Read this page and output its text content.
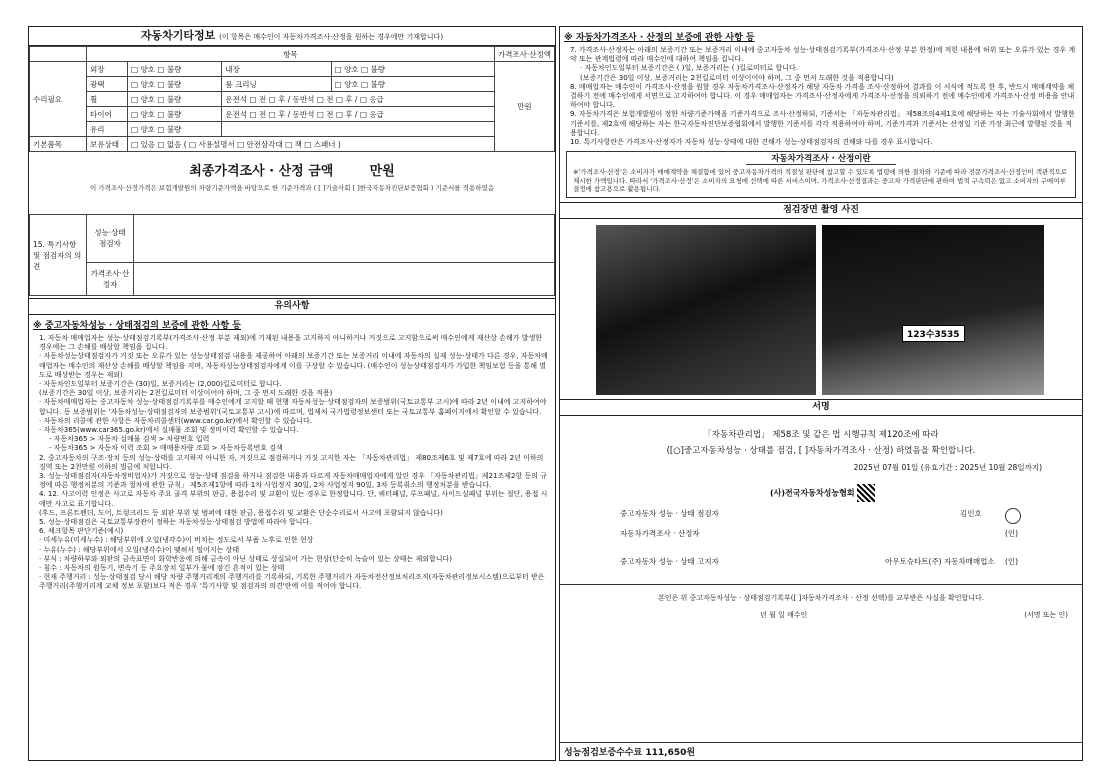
자동차기타정보 (이 항목은 매수인이 자동차가격조사·산정을 원하는 경우에만 기재합니다)
	항목				가격조사·산정액
수리필요	외장	□ 양호 □ 불량	내장	□ 양호 □ 불량	만원
	광택	□ 양호 □ 불량	룸 크리닝	□ 양호 □ 불량	
	휠	□ 양호 □ 불량	운전석 □ 전 □ 후 / 동반석 □ 전 □ 후 / □ 응급		
	타이어	□ 양호 □ 불량	운전석 □ 전 □ 후 / 동반석 □ 전 □ 후 / □ 응급		
	유리	□ 양호 □ 불량			
기본품목	보유상태	□ 있음 □ 없음 ( □ 사용설명서 □ 안전삼각대 □ 잭 □ 스패너 )			
최종가격조사 · 산정 금액	만원
이 가격조사·산정가격은 보험개발원의 차량기준가액을 바탕으로 한 기준가격과 ( [ ]기술사회 [ ]한국자동차진단보증협회 ) 기준서를 적용하였음
15. 특기사항 및 점검자의 의견	성능·상태 점검자	
	가격조사·산정자	
유의사항
※ 중고자동차성능 · 상태점검의 보증에 관한 사항 등
1. 자동차 매매업자는 성능·상태점검기록부(가격조사·산정 부분 제외)에 기재된 내용을 고지하지 아니하거나 거짓으로 고지함으로써 매수인에게 재산상 손해가 발생한 경우에는 그 손해를 배상할 책임을 집니다.
· 자동차성능상태점검자가 거짓 또는 오류가 있는 성능상태점검 내용을 제공하여 아래의 보증기간 또는 보증거리 이내에 자동차의 실제 성능·상태가 다른 경우, 자동차매매업자는 매수인의 재산상 손해를 배상할 책임을 지며, 자동차성능상태점검자에게 이를 구상할 수 있습니다. (매수인이 성능상태점검자가 가입한 책임보험 등을 통해 별도로 배상받는 경우는 제외)
· 자동차인도일부터 보증기간은 (30)일, 보증거리는 (2,000)킬로미터로 합니다.
(보증기간은 30일 이상, 보증거리는 2천킬로미터 이상이어야 하며, 그 중 먼저 도래한 것을 적용)
· 자동차매매업자는 중고자동차 성능·상태점검기록부를 매수인에게 고지할 때 현행 자동차성능·상태점검자의 보증범위(국토교통부 고시)에 따라 2년 이내에 고지하여야 합니다. 동 보증범위는 '자동차성능·상태점검자의 보증범위'(국토교통부 고시)에 따르며, 법제처 국가법령정보센터 또는 국토교통부 홈페이지에서 확인할 수 있습니다.
· 자동차의 리콜에 관한 사항은 자동차리콜센터(www.car.go.kr)에서 확인할 수 있습니다.
· 자동차365(www.car365.go.kr)에서 실매물 조회 및 정비이력 확인할 수 있습니다.
- 자동차365 > 자동차 실매물 검색 > 차량번호 입력
- 자동차365 > 자동차 이력 조회 > 매매용차량 조회 > 자동차등록번호 검색
2. 중고자동차의 구조·장치 등의 성능·상태를 고지하지 아니한 자, 거짓으로 점검하거나 거짓 고지한 자는 「자동차관리법」 제80조제6호 및 제7호에 따라 2년 이하의 징역 또는 2천만원 이하의 벌금에 처합니다.
3. 성능·상태점검자(자동차정비업자)가 거짓으로 성능·상태 점검을 하거나 점검한 내용과 다르게 자동차매매업자에게 알린 경우 「자동차관리법」제21조제2항 등의 규정에 따른 행정처분의 기준과 절차에 관한 규칙」 제5조제1항에 따라 1차 사업정지 30일, 2차 사업정지 90일, 3차 등록취소의 행정처분을 받습니다.
4. 12. 사고이력 인정은 사고로 자동차 주요 골격 부위의 판금, 용접수리 및 교환이 있는 경우로 한정합니다. 단, 쿼터패널, 루프패널, 사이드실패널 부위는 절단, 용접 시에만 사고로 표기합니다.
(후드, 프론트펜더, 도어, 트렁크리드 등 외판 부위 및 범퍼에 대한 판금, 용접수리 및 교환은 단순수리로서 사고에 포함되지 않습니다)
5. 성능·상태점검은 국토교통부장관이 정하는 자동차성능·상태점검 방법에 따라야 합니다.
6. 체크항목 판단기준(예시)
· 미세누유(미세누수) : 해당부위에 오일(냉각수)이 비치는 정도로서 부품 노후로 인한 현상
· 누유(누수) : 해당부위에서 오일(냉각수)이 맺혀서 떨어지는 상태
· 부식 : 차량하부와 외판의 금속표면이 화학반응에 의해 금속이 아닌 상태로 상실되어 가는 현상(단순히 녹슬어 있는 상태는 제외합니다)
· 침수 : 자동차의 원동기, 변속기 등 주요장치 일부가 물에 잠긴 흔적이 있는 상태
· 현재 주행거리 : 성능·상태점검 당시 해당 차량 주행거리계의 주행거리를 기록하되, 기록한 주행거리가 자동차전산정보처리조직(자동차관리정보시스템)으로부터 받은 주행거리(주행거리계 교체 정보 포함)보다 적은 경우 '특기사항 및 점검자의 의견'란에 이를 적어야 합니다.
※ 자동차가격조사 · 산정의 보증에 관한 사항 등
7. 가격조사·산정자는 아래의 보증기간 또는 보증거리 이내에 중고자동차 성능·상태점검기록부(가격조사·산정 부분 한정)에 적힌 내용에 허위 또는 오류가 있는 경우 계약 또는 관계법령에 따라 매수인에 대하여 책임을 집니다.
· 자동차인도일부터 보증기간은 ( )일, 보증거리는 ( )킬로미터로 합니다.
(보증기간은 30일 이상, 보증거리는 2천킬로미터 이상이어야 하며, 그 중 먼저 도래한 것을 적용합니다)
8. 매매업자는 매수인이 가격조사·산정을 원할 경우 자동차가격조사·산정자가 해당 자동차 가격을 조사·산정하여 결과를 이 서식에 적도록 한 후, 반드시 매매계약을 체결하기 전에 매수인에게 서면으로 고지하여야 합니다. 이 경우 매매업자는 가격조사·산정자에게 가격조사·산정을 의뢰하기 전에 매수인에게 가격조사·산정 비용을 안내하여야 합니다.
9. 자동차가격은 보험개발원이 정한 차량기준가액을 기준가격으로 조사·산정하되, 기준서는 「자동차관리법」 제58조의4제1호에 해당하는 자는 기술사회에서 발행한 기준서를, 제2호에 해당하는 자는 한국자동차진단보증협회에서 발행한 기준서를 각각 적용하여야 하며, 기준가격과 기준서는 산정일 기준 가장 최근에 발행된 것을 적용합니다.
10. 특기사항란은 가격조사·산정자가 자동차 성능·상태에 대한 견해가 성능·상태점검자의 견해와 다를 경우 표시합니다.
자동차가격조사 · 산정이란
※'가격조사·산정'은 소비자가 매매계약을 체결함에 있어 중고자동차가격의 적절성 판단에 참고할 수 있도록 법령에 의한 절차와 기준에 따라 전문가격조사·산정인이 객관적으로 제시한 가액입니다. 따라서 '가격조사·산정'은 소비자의 요청에 선택에 따른 서비스이며, 가격조사·산정결과는 중고차 가격판단에 관하여 법적 구속력은 없고 소비자의 구매여부 결정에 참고용으로 활용됩니다.
점검장면 촬영 사진
123수3535
서명
「자동차관리법」 제58조 및 같은 법 시행규칙 제120조에 따라
([○]중고자동차성능 · 상태를 점검, [ ]자동차가격조사 · 산정) 하였음을 확인합니다.
2025년 07월 01일 (유효기간 : 2025년 10월 28일까지)
(사)전국자동차성능협회
중고자동차 성능 · 상태 점검자	김인호
자동차가격조사 · 산정자	(인)
중고자동차 성능 · 상태 고지자	아우토슈타트(주) 자동차매매업소 (인)
본인은 위 중고자동차성능 · 상태점검기록부([ ]자동차가격조사 · 산정 선택)를 교부받은 사실을 확인합니다.
년 월 일 매수인	(서명 또는 인)
성능점검보증수수료 111,650원
